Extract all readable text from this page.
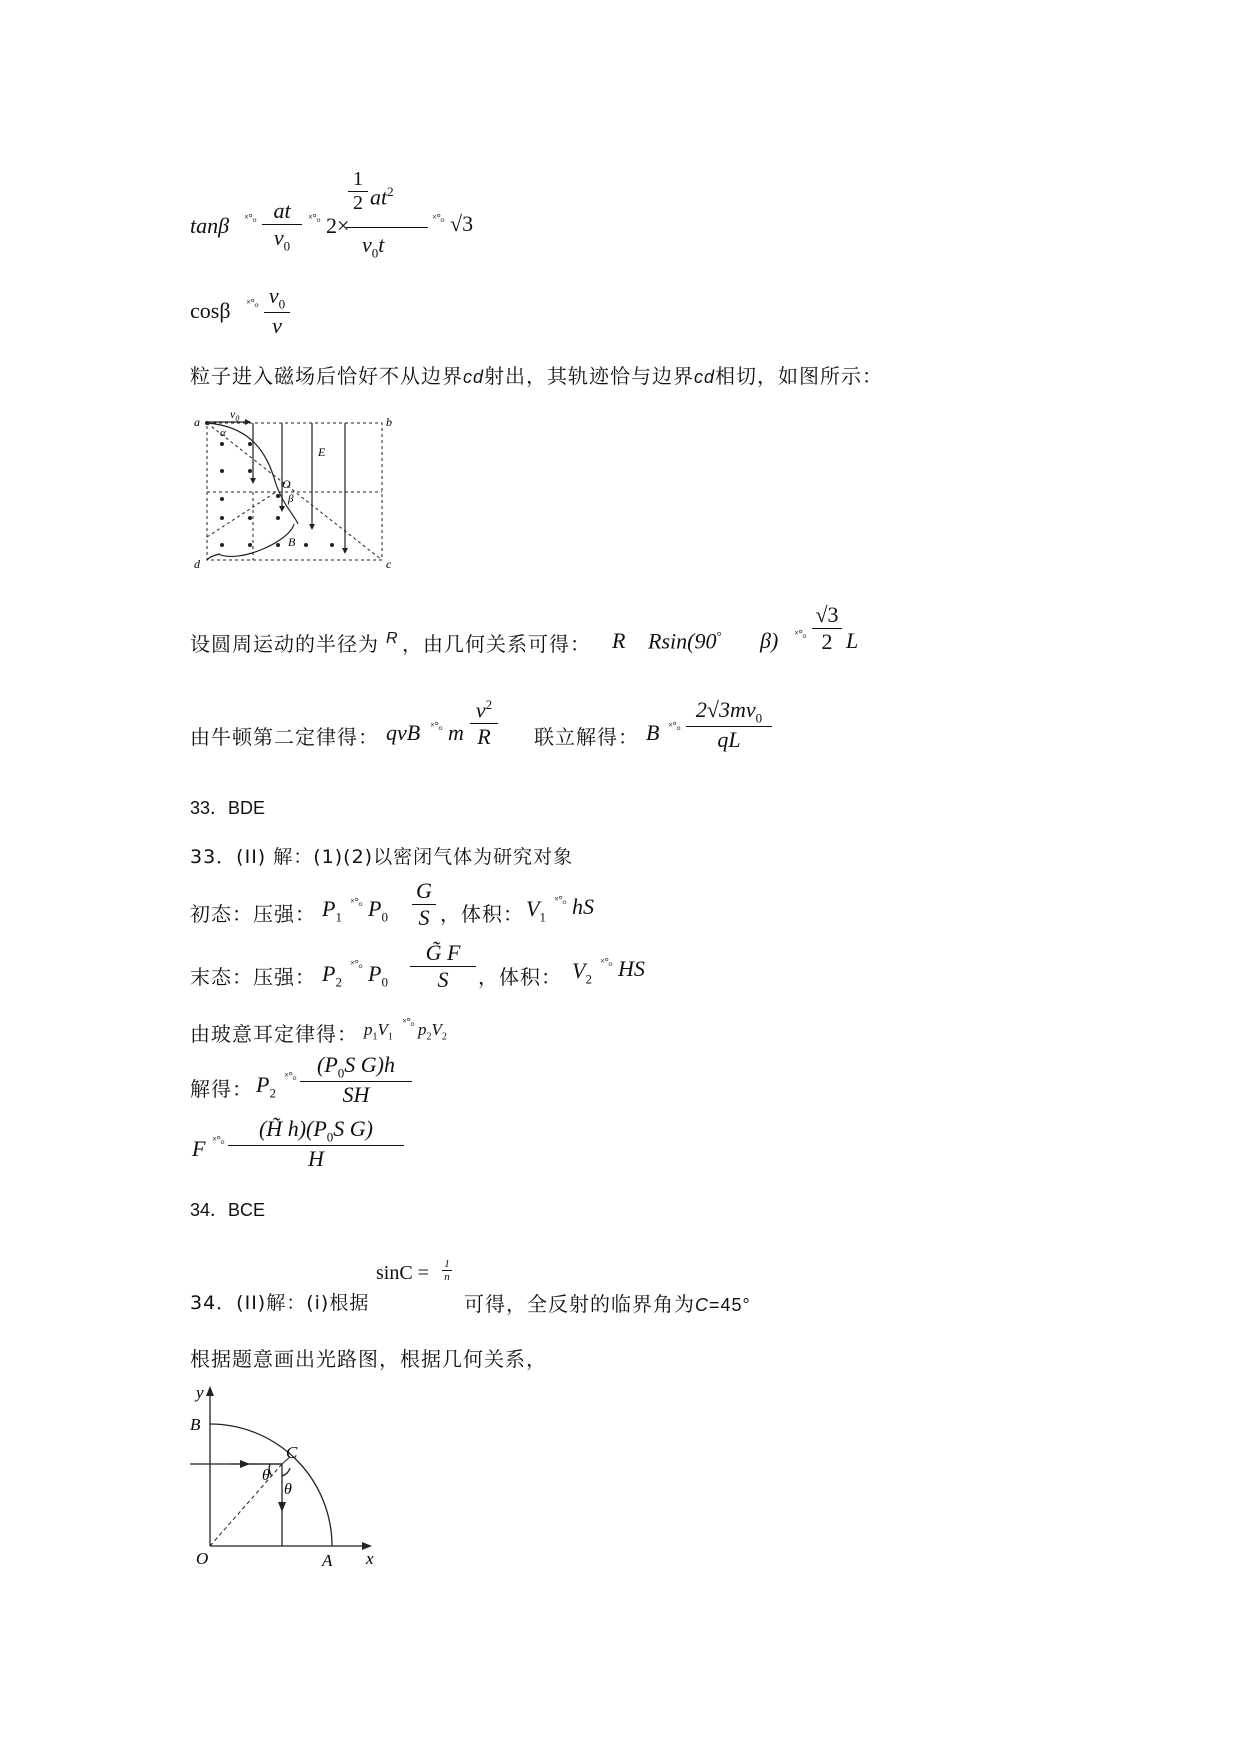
tanβ ˣ°ₒ at
$v_0$
ˣ°ₒ 2×
1
2 $at^2$
$v_0t$
ˣ°ₒ √3
cosβ ˣ°ₒ $v_0$
v
粒子进入磁场后恰好不从边界cd射出，其轨迹恰与边界cd相切，如图所示：
a	b
d	c
$v_0$
α
E
O
β
B
设圆周运动的半径为 R ，由几何关系可得： R Rsin(90° β) ˣ°ₒ
√3
2 L
由牛顿第二定律得： qvB ˣ°ₒ m
$v^2$
R	联立解得： B ˣ°ₒ
$2√3mv_0$
qL
33．BDE
33．(II) 解：(1)(2)以密闭气体为研究对象
初态：压强： $P_1$
ˣ°ₒ $P_0$
G
S ，体积： $V_1$
ˣ°ₒ hS
末态：压强： $P_2$
ˣ°ₒ $P_0$
G̃ F
S	，体积： $V_2$
ˣ°ₒ HS
由玻意耳定律得： $p_1V_1$
ˣ°ₒ $p_2V_2$
解得： $P_2$
ˣ°ₒ ($P_0S$ G)h
SH
F ˣ°ₒ	(H̃ $h)(P_0S$ G)
H
34．BCE
34．(II)解：(ⅰ)根据
sinC = 1
n
可得，全反射的临界角为C=45°
根据题意画出光路图，根据几何关系，
y
B
C
θ
θ
O	A x
